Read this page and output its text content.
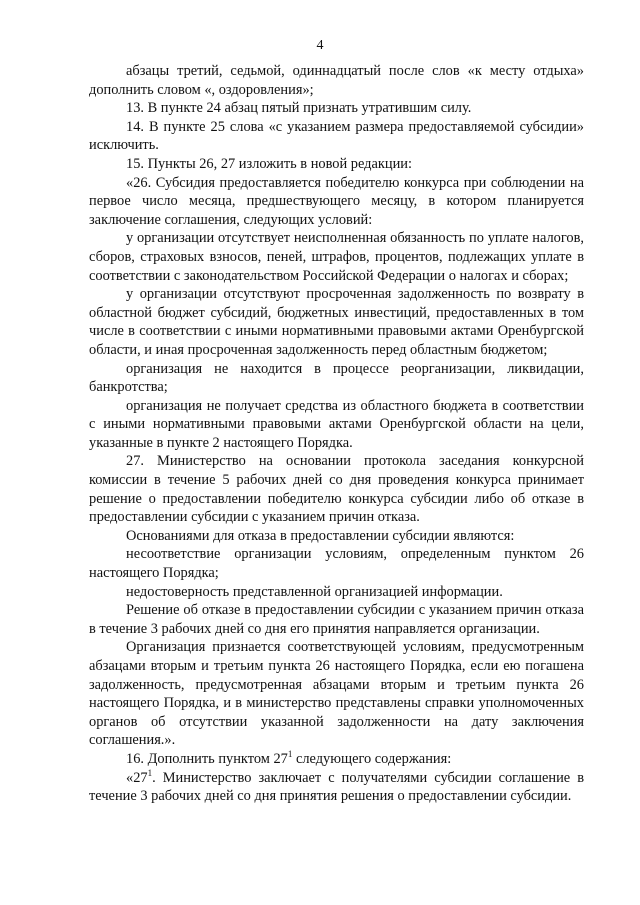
4

абзацы третий, седьмой, одиннадцатый после слов «к месту отдыха» дополнить словом «, оздоровления»;

13. В пункте 24 абзац пятый признать утратившим силу.

14. В пункте 25 слова «с указанием размера предоставляемой субсидии» исключить.

15. Пункты 26, 27 изложить в новой редакции:

«26. Субсидия предоставляется победителю конкурса при соблюдении на первое число месяца, предшествующего месяцу, в котором планируется заключение соглашения, следующих условий:

у организации отсутствует неисполненная обязанность по уплате налогов, сборов, страховых взносов, пеней, штрафов, процентов, подлежащих уплате в соответствии с законодательством Российской Федерации о налогах и сборах;

у организации отсутствуют просроченная задолженность по возврату в областной бюджет субсидий, бюджетных инвестиций, предоставленных в том числе в соответствии с иными нормативными правовыми актами Оренбургской области, и иная просроченная задолженность перед областным бюджетом;

организация не находится в процессе реорганизации, ликвидации, банкротства;

организация не получает средства из областного бюджета в соответствии с иными нормативными правовыми актами Оренбургской области на цели, указанные в пункте 2 настоящего Порядка.

27. Министерство на основании протокола заседания конкурсной комиссии в течение 5 рабочих дней со дня проведения конкурса принимает решение о предоставлении победителю конкурса субсидии либо об отказе в предоставлении субсидии с указанием причин отказа.

Основаниями для отказа в предоставлении субсидии являются:

несоответствие организации условиям, определенным пунктом 26 настоящего Порядка;

недостоверность представленной организацией информации.

Решение об отказе в предоставлении субсидии с указанием причин отказа в течение 3 рабочих дней со дня его принятия направляется организации.

Организация признается соответствующей условиям, предусмотренным абзацами вторым и третьим пункта 26 настоящего Порядка, если ею погашена задолженность, предусмотренная абзацами вторым и третьим пункта 26 настоящего Порядка, и в министерство представлены справки уполномоченных органов об отсутствии указанной задолженности на дату заключения соглашения.».

16. Дополнить пунктом $27^1$ следующего содержания:

«$27^1$. Министерство заключает с получателями субсидии соглашение в течение 3 рабочих дней со дня принятия решения о предоставлении субсидии.
